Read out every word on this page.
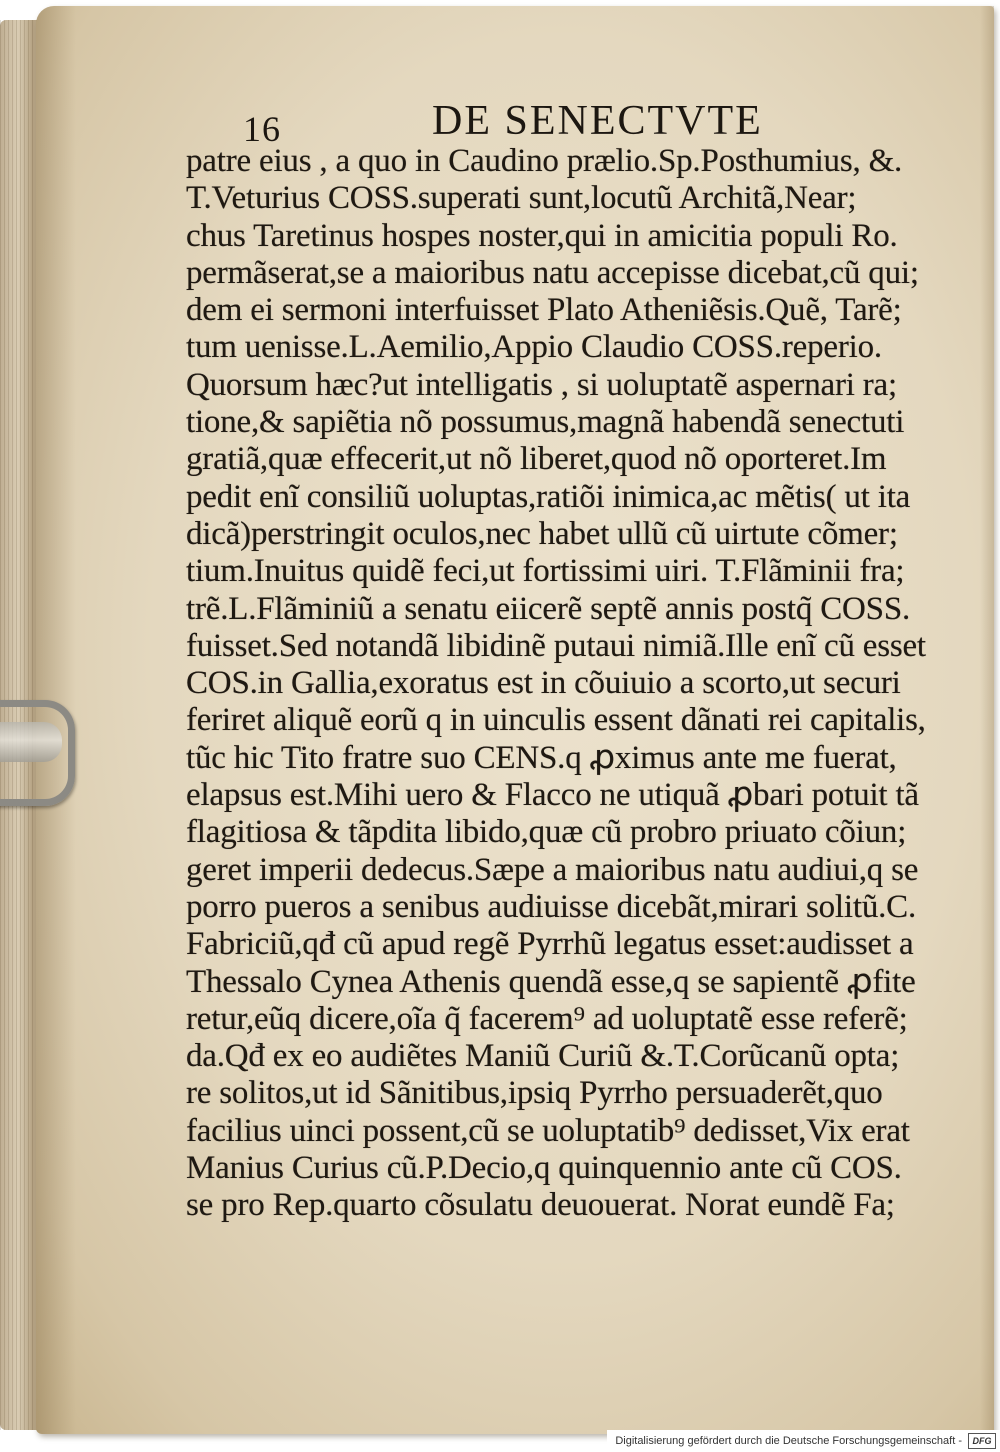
16	DE SENECTVTE
patre eius , a quo in Caudino prælio.Sp.Posthumius, &.
T.Veturius COSS.superati sunt,locutũ Architã,Near;
chus Taretinus hospes noster,qui in amicitia populi Ro.
permãserat,se a maioribus natu accepisse dicebat,cũ qui;
dem ei sermoni interfuisset Plato Atheniẽsis.Quẽ, Tarẽ;
tum uenisse.L.Aemilio,Appio Claudio COSS.reperio.
Quorsum hæc?ut intelligatis , si uoluptatẽ aspernari ra;
tione,& sapiẽtia nõ possumus,magnã habendã senectuti
gratiã,quæ effecerit,ut nõ liberet,quod nõ oporteret.Im
pedit enĩ consiliũ uoluptas,ratiõi inimica,ac mẽtis( ut ita
dicã)perstringit oculos,nec habet ullũ cũ uirtute cõmer;
tium.Inuitus quidẽ feci,ut fortissimi uiri. T.Flãminii fra;
trẽ.L.Flãminiũ a senatu eiicerẽ septẽ annis postq̃ COSS.
fuisset.Sed notandã libidinẽ putaui nimiã.Ille enĩ cũ esset
COS.in Gallia,exoratus est in cõuiuio a scorto,ut securi
feriret aliquẽ eorũ q in uinculis essent dãnati rei capitalis,
tũc hic Tito fratre suo CENS.q ꝓximus ante me fuerat,
elapsus est.Mihi uero & Flacco ne utiquã ꝓbari potuit tã
flagitiosa & tãpdita libido,quæ cũ probro priuato cõiun;
geret imperii dedecus.Sæpe a maioribus natu audiui,q se
porro pueros a senibus audiuisse dicebãt,mirari solitũ.C.
Fabriciũ,qđ cũ apud regẽ Pyrrhũ legatus esset:audisset a
Thessalo Cynea Athenis quendã esse,q se sapientẽ ꝓfite
retur,eũq dicere,oĩa q̃ facerem⁹ ad uoluptatẽ esse referẽ;
da.Qđ ex eo audiẽtes Maniũ Curiũ &.T.Corũcanũ opta;
re solitos,ut id Sãnitibus,ipsiq Pyrrho persuaderẽt,quo
facilius uinci possent,cũ se uoluptatib⁹ dedisset,Vix erat
Manius Curius cũ.P.Decio,q quinquennio ante cũ COS.
se pro Rep.quarto cõsulatu deuouerat. Norat eundẽ Fa;
Digitalisierung gefördert durch die Deutsche Forschungsgemeinschaft -	DFG
